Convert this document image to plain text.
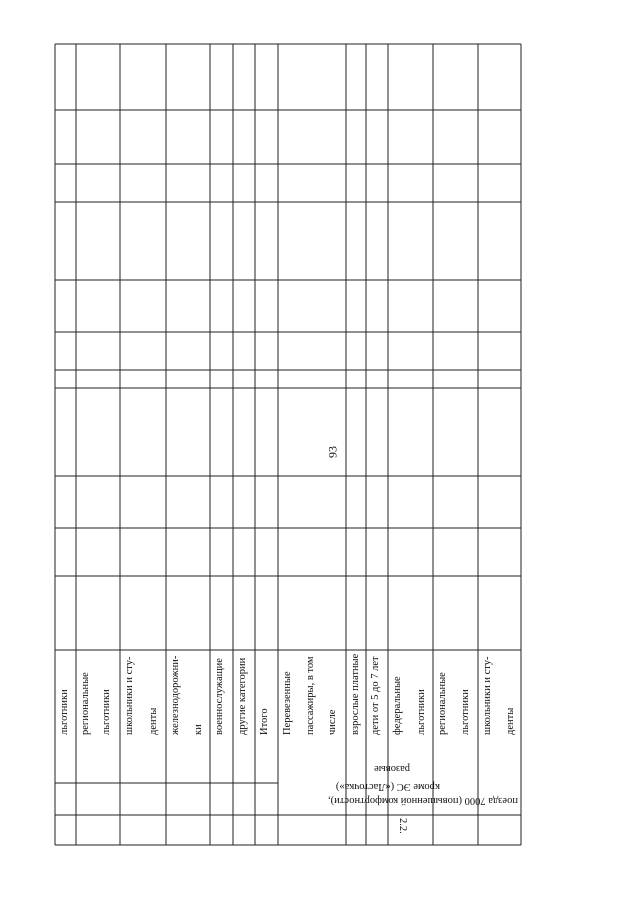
93
льготники региональные льготники школьники и сту- денты железнодорожни- ки военнослужащие другие категории Итого Перевезенные пассажиры, в том числе взрослые платные дети от 5 до 7 лет федеральные льготники региональные льготники школьники и сту- денты
разовые
кроме ЭС («Ласточка»)
поезда 7000 (повышенной комфортности),
2.2.
